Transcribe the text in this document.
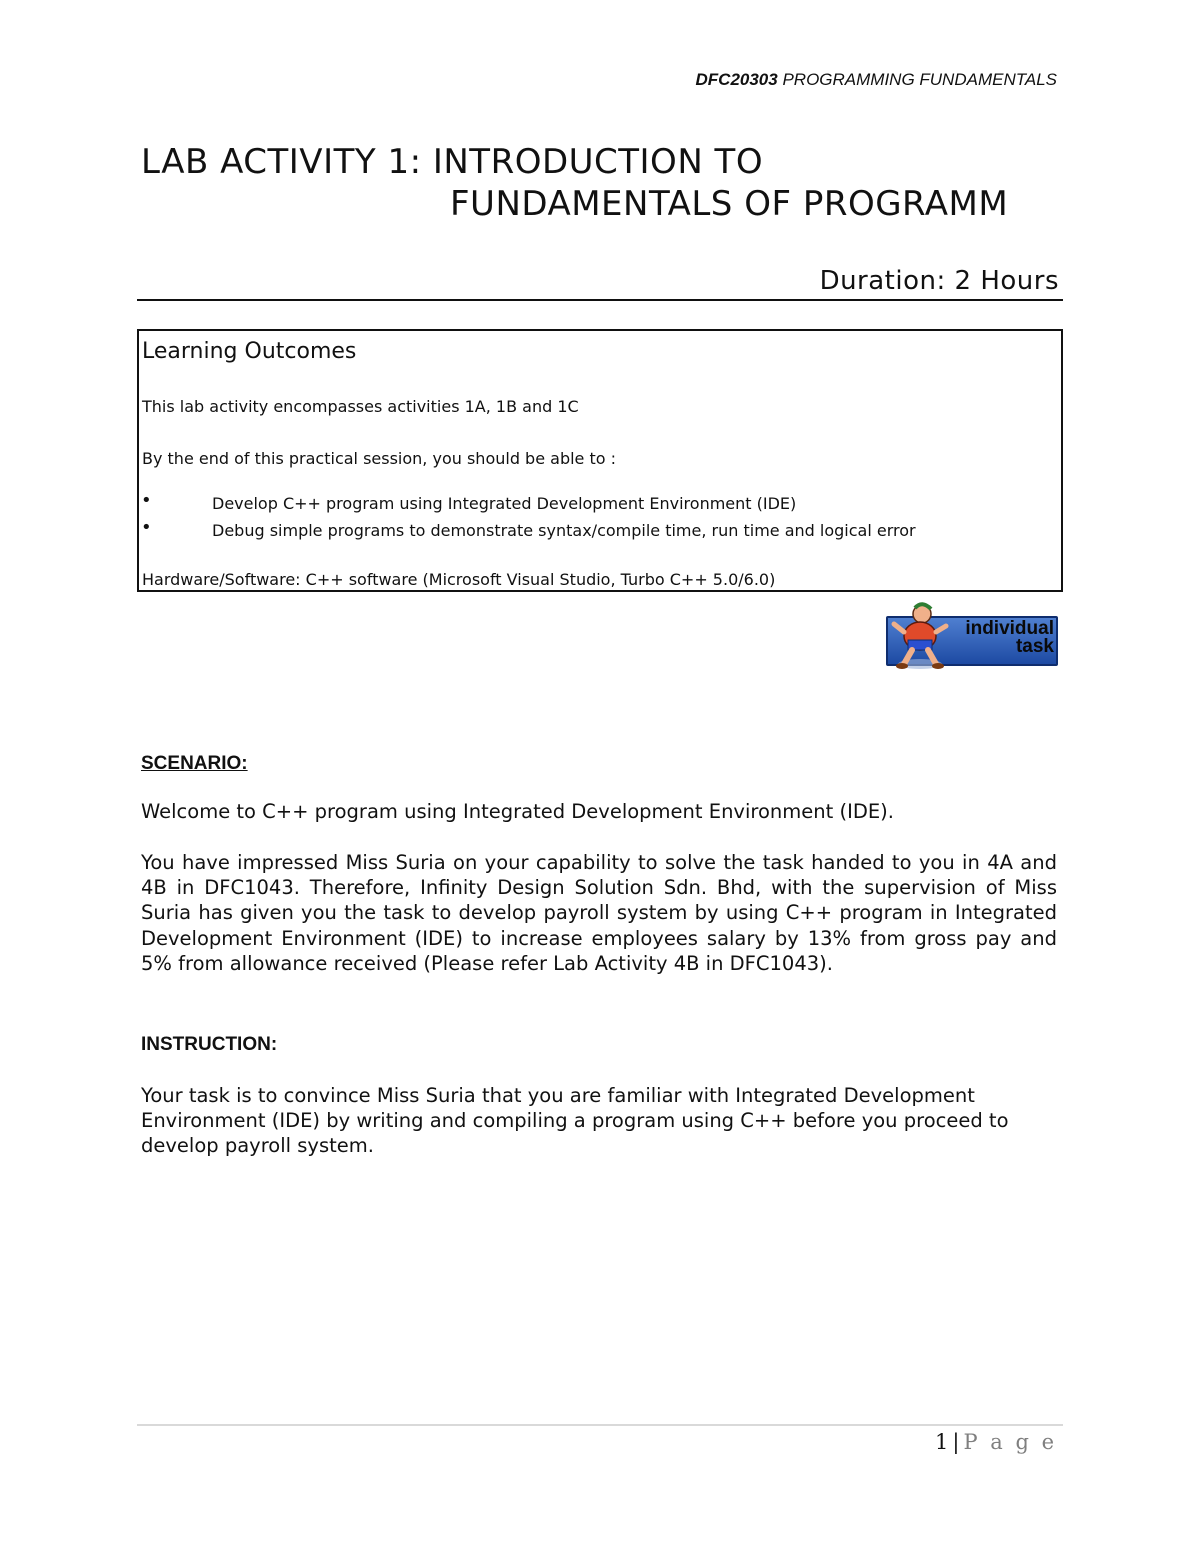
DFC20303 PROGRAMMING FUNDAMENTALS
LAB ACTIVITY 1: INTRODUCTION TO
FUNDAMENTALS OF PROGRAMM
Duration: 2 Hours
Learning Outcomes
This lab activity encompasses activities 1A, 1B and 1C
By the end of this practical session, you should be able to :
•	Develop C++ program using Integrated Development Environment (IDE)
•	Debug simple programs to demonstrate syntax/compile time, run time and logical error
Hardware/Software: C++ software (Microsoft Visual Studio, Turbo C++ 5.0/6.0)
individual
task
SCENARIO:
Welcome to C++ program using Integrated Development Environment (IDE).
You have impressed Miss Suria on your capability to solve the task handed to you in 4A and 4B in DFC1043. Therefore, Infinity Design Solution Sdn. Bhd, with the supervision of Miss Suria has given you the task to develop payroll system by using C++ program in Integrated Development Environment (IDE) to increase employees salary by 13% from gross pay and 5% from allowance received (Please refer Lab Activity 4B in DFC1043).
INSTRUCTION:
Your task is to convince Miss Suria that you are familiar with Integrated Development Environment (IDE) by writing and compiling a program using C++ before you proceed to develop payroll system.
1 | P a g e
